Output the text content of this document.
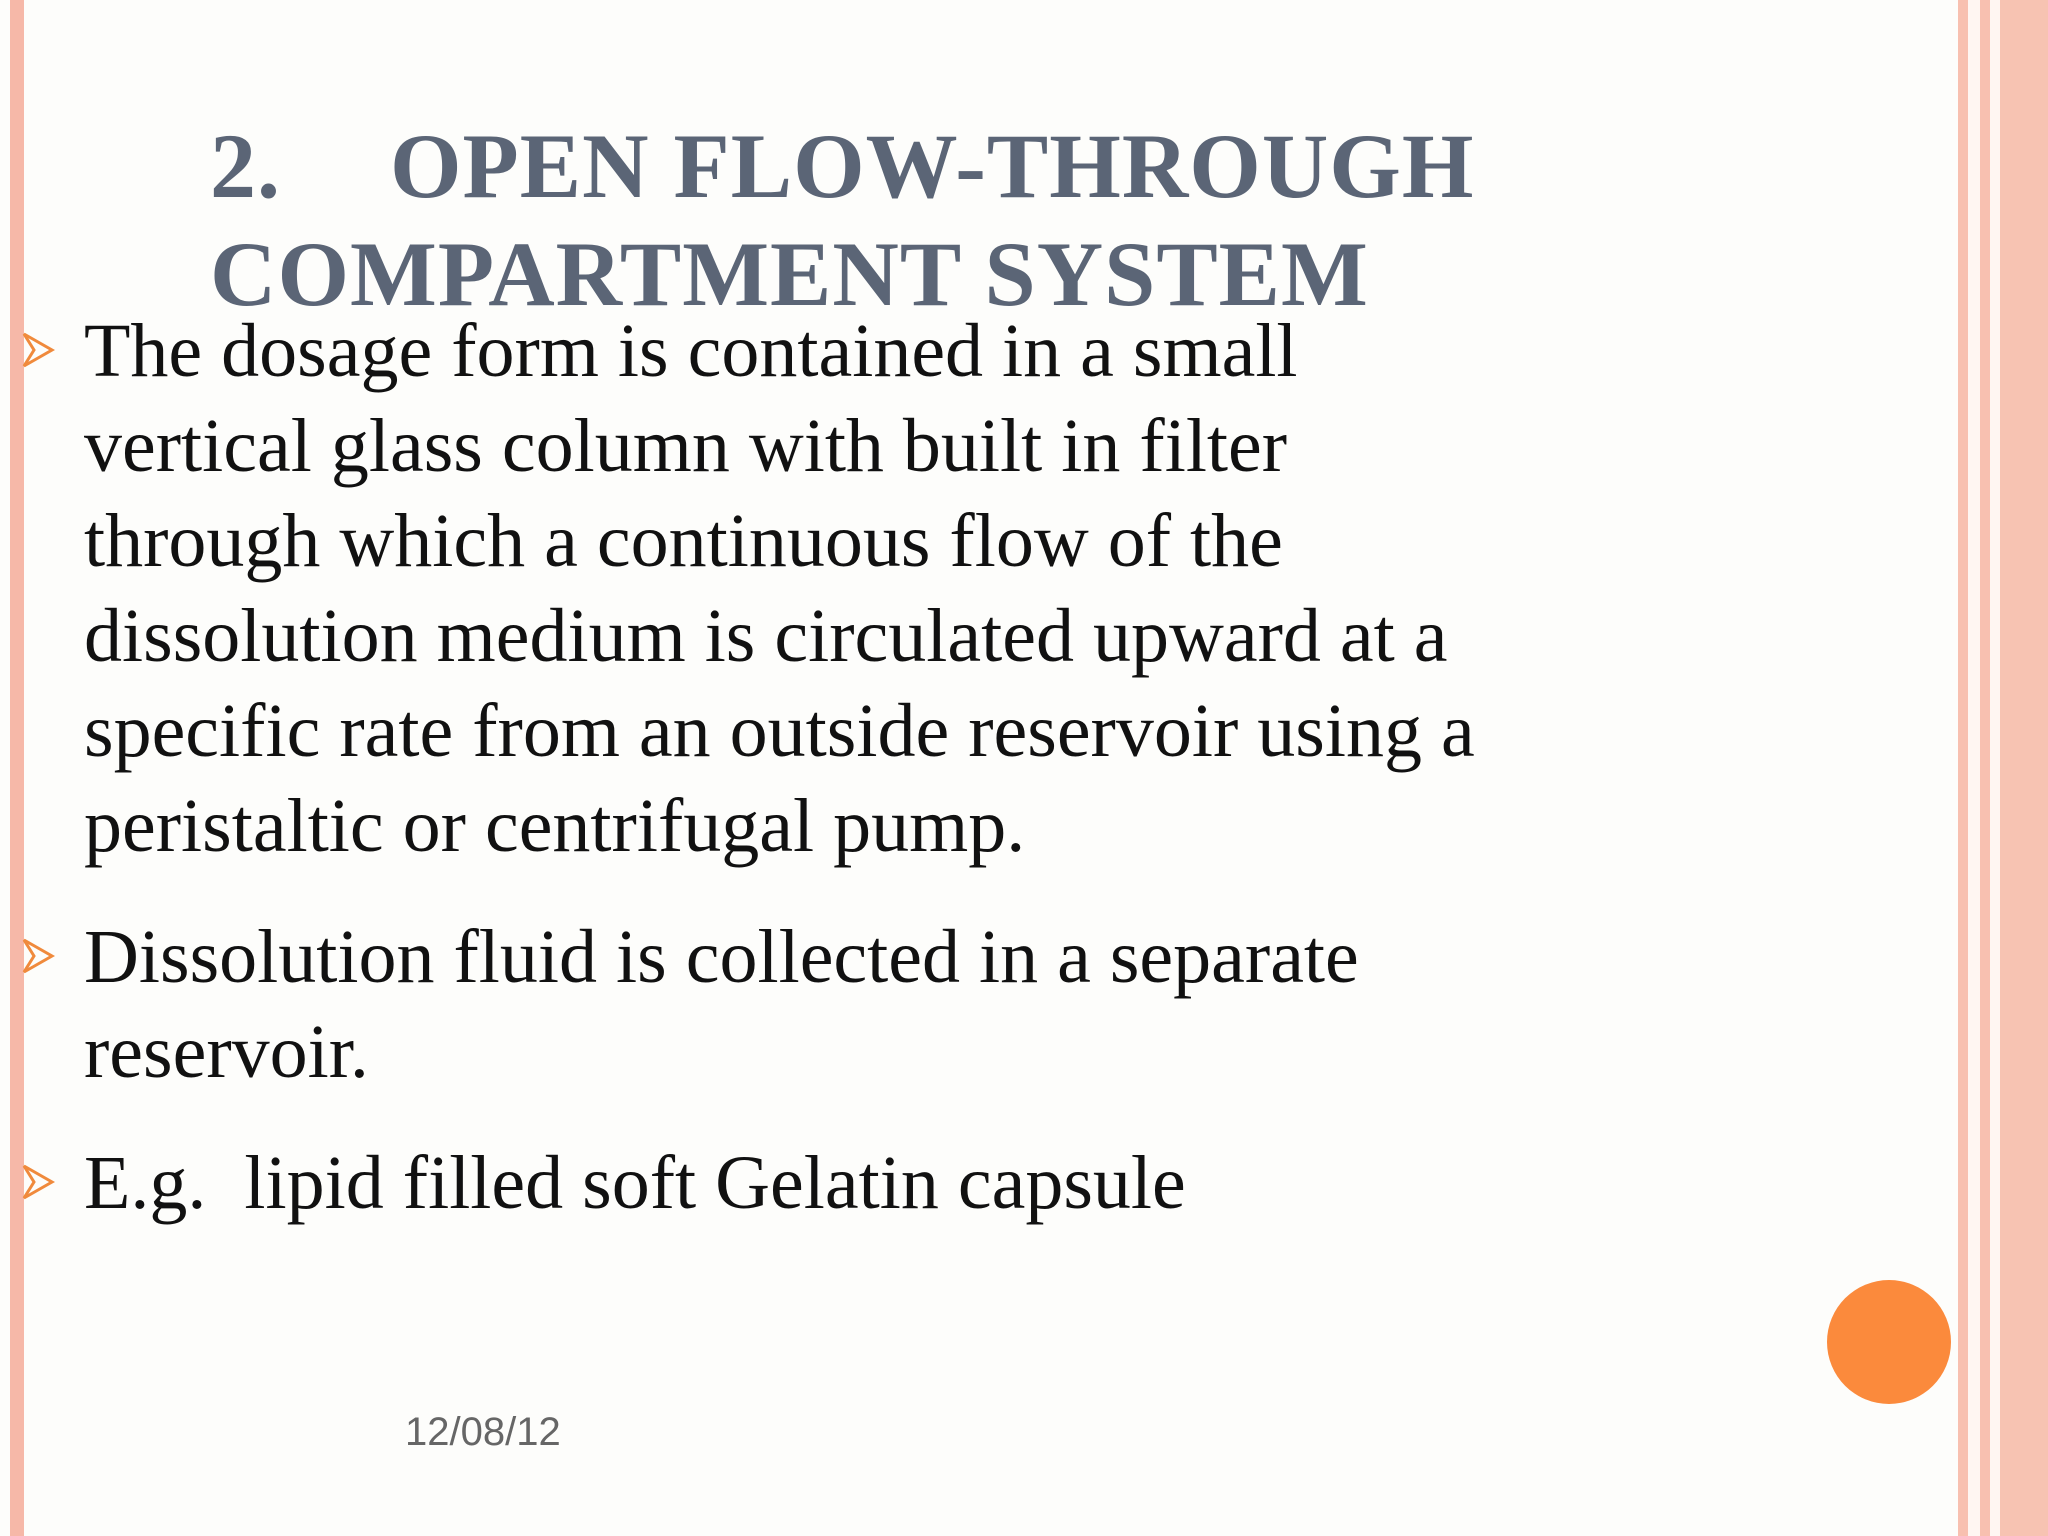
2. OPEN FLOW-THROUGH
COMPARTMENT SYSTEM
The dosage form is contained in a small
vertical glass column with built in filter
through which a continuous flow of the
dissolution medium is circulated upward at a
specific rate from an outside reservoir using a
peristaltic or centrifugal pump.
Dissolution fluid is collected in a separate
reservoir.
E.g.  lipid filled soft Gelatin capsule
12/08/12
